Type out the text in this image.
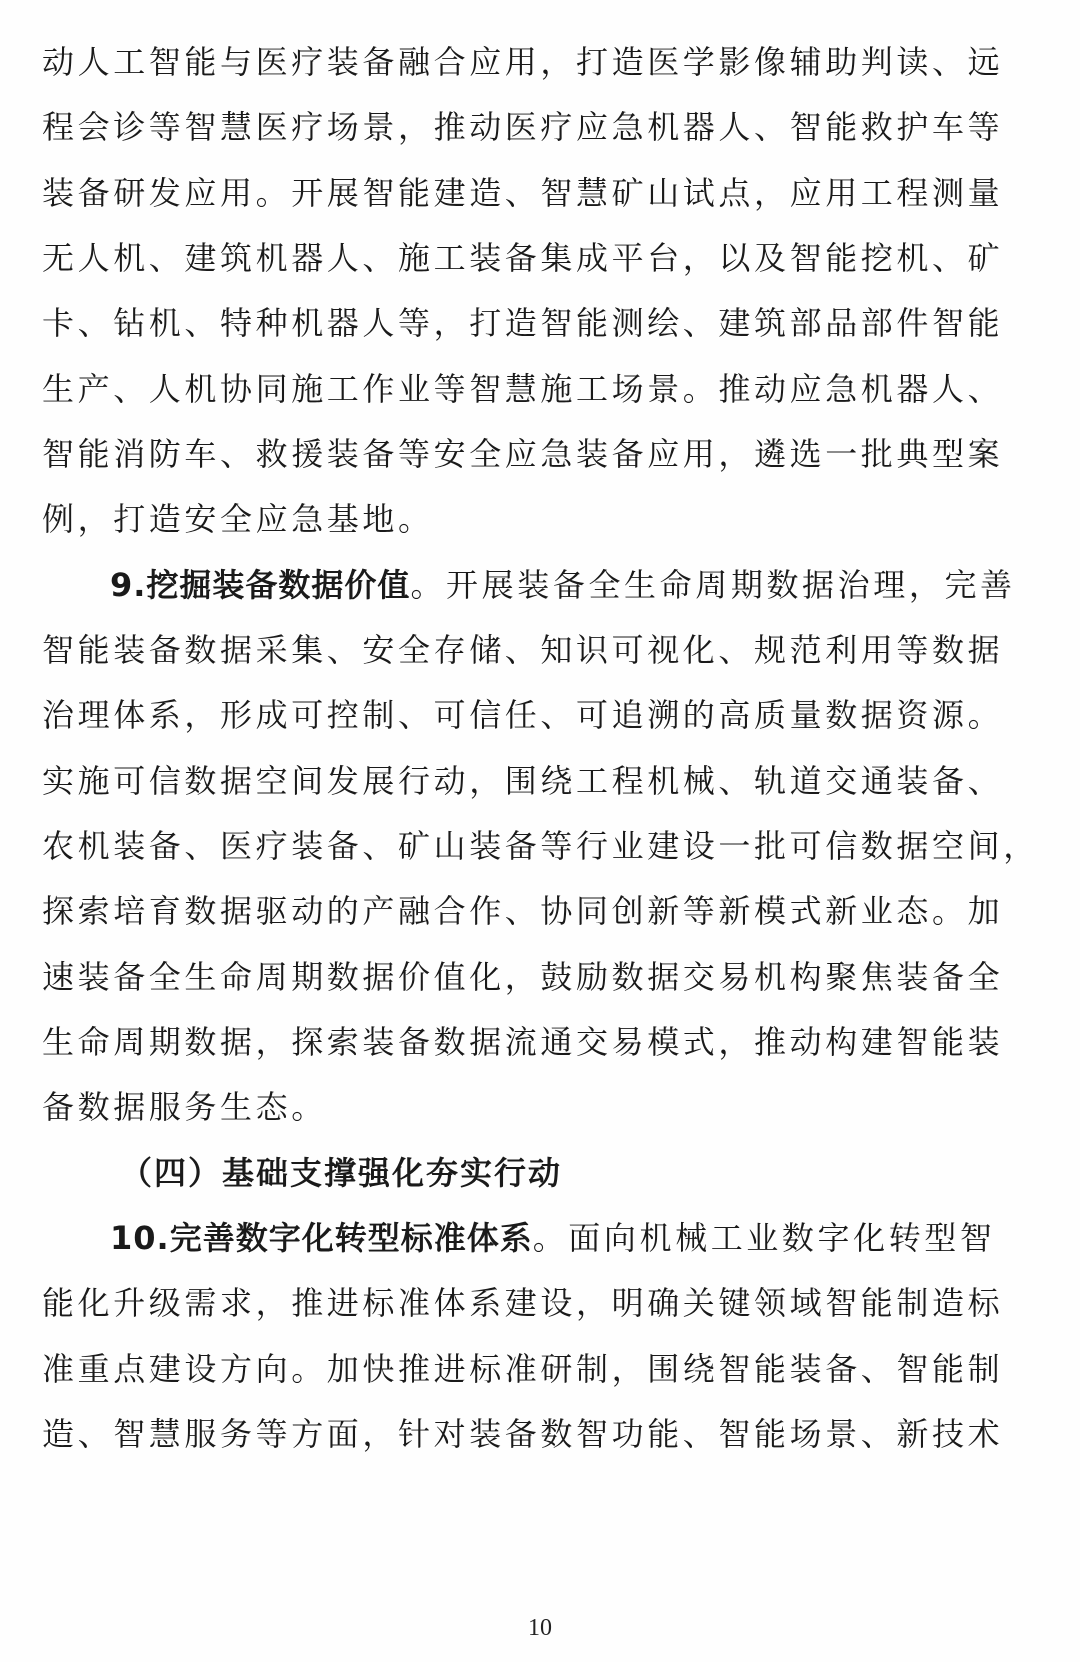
动人工智能与医疗装备融合应用，打造医学影像辅助判读、远
程会诊等智慧医疗场景，推动医疗应急机器人、智能救护车等
装备研发应用。开展智能建造、智慧矿山试点，应用工程测量
无人机、建筑机器人、施工装备集成平台，以及智能挖机、矿
卡、钻机、特种机器人等，打造智能测绘、建筑部品部件智能
生产、人机协同施工作业等智慧施工场景。推动应急机器人、
智能消防车、救援装备等安全应急装备应用，遴选一批典型案
例，打造安全应急基地。
9.挖掘装备数据价值。开展装备全生命周期数据治理，完善
智能装备数据采集、安全存储、知识可视化、规范利用等数据
治理体系，形成可控制、可信任、可追溯的高质量数据资源。
实施可信数据空间发展行动，围绕工程机械、轨道交通装备、
农机装备、医疗装备、矿山装备等行业建设一批可信数据空间，
探索培育数据驱动的产融合作、协同创新等新模式新业态。加
速装备全生命周期数据价值化，鼓励数据交易机构聚焦装备全
生命周期数据，探索装备数据流通交易模式，推动构建智能装
备数据服务生态。
（四）基础支撑强化夯实行动
10.完善数字化转型标准体系。面向机械工业数字化转型智
能化升级需求，推进标准体系建设，明确关键领域智能制造标
准重点建设方向。加快推进标准研制，围绕智能装备、智能制
造、智慧服务等方面，针对装备数智功能、智能场景、新技术
10
